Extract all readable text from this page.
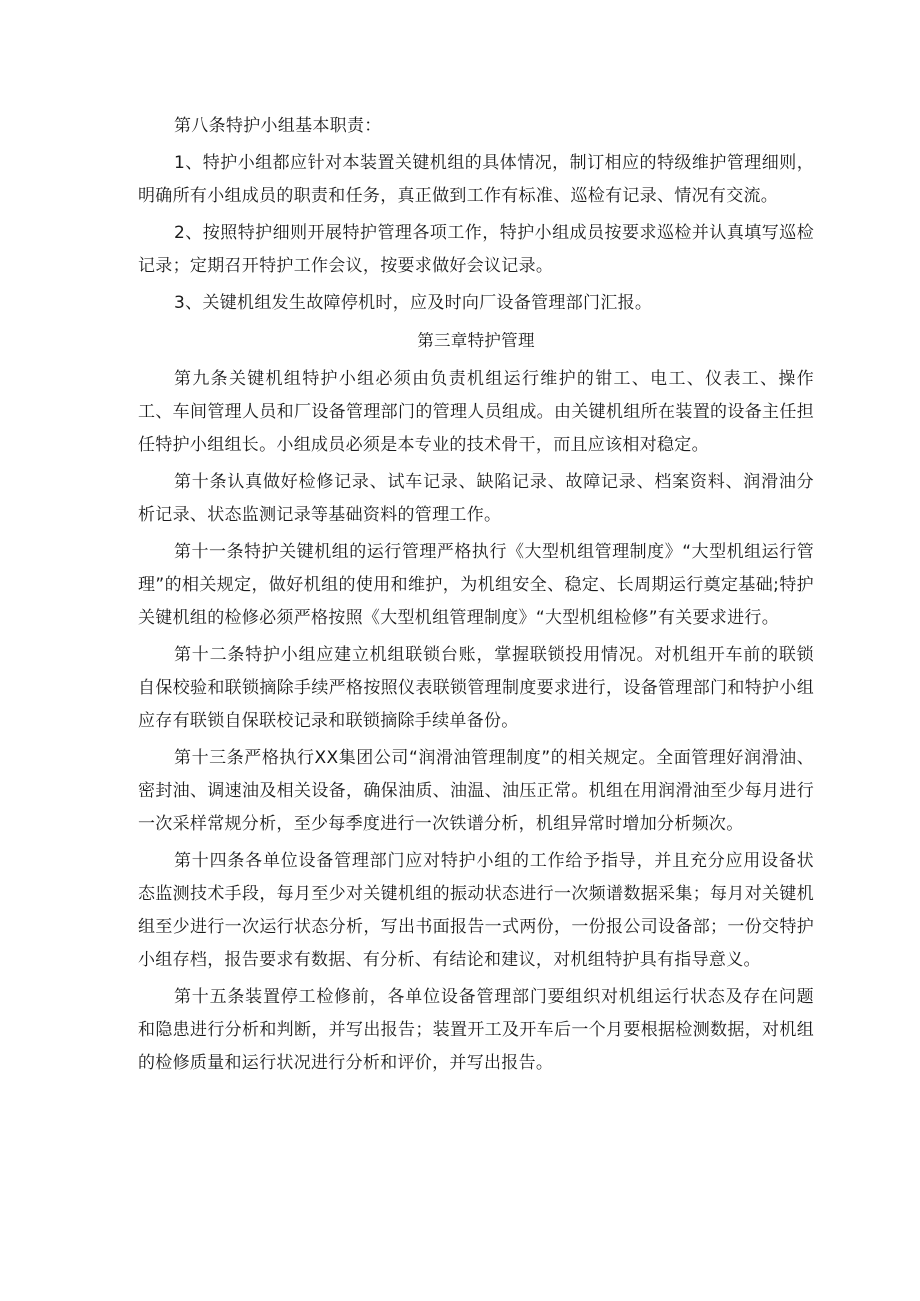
第八条特护小组基本职责：

1、特护小组都应针对本装置关键机组的具体情况，制订相应的特级维护管理细则，明确所有小组成员的职责和任务，真正做到工作有标准、巡检有记录、情况有交流。

2、按照特护细则开展特护管理各项工作，特护小组成员按要求巡检并认真填写巡检记录；定期召开特护工作会议，按要求做好会议记录。

3、关键机组发生故障停机时，应及时向厂设备管理部门汇报。

第三章特护管理

第九条关键机组特护小组必须由负责机组运行维护的钳工、电工、仪表工、操作工、车间管理人员和厂设备管理部门的管理人员组成。由关键机组所在装置的设备主任担任特护小组组长。小组成员必须是本专业的技术骨干，而且应该相对稳定。

第十条认真做好检修记录、试车记录、缺陷记录、故障记录、档案资料、润滑油分析记录、状态监测记录等基础资料的管理工作。

第十一条特护关键机组的运行管理严格执行《大型机组管理制度》“大型机组运行管理”的相关规定，做好机组的使用和维护，为机组安全、稳定、长周期运行奠定基础;特护关键机组的检修必须严格按照《大型机组管理制度》“大型机组检修”有关要求进行。

第十二条特护小组应建立机组联锁台账，掌握联锁投用情况。对机组开车前的联锁自保校验和联锁摘除手续严格按照仪表联锁管理制度要求进行，设备管理部门和特护小组应存有联锁自保联校记录和联锁摘除手续单备份。

第十三条严格执行XX集团公司“润滑油管理制度”的相关规定。全面管理好润滑油、密封油、调速油及相关设备，确保油质、油温、油压正常。机组在用润滑油至少每月进行一次采样常规分析，至少每季度进行一次铁谱分析，机组异常时增加分析频次。

第十四条各单位设备管理部门应对特护小组的工作给予指导，并且充分应用设备状态监测技术手段，每月至少对关键机组的振动状态进行一次频谱数据采集；每月对关键机组至少进行一次运行状态分析，写出书面报告一式两份，一份报公司设备部；一份交特护小组存档，报告要求有数据、有分析、有结论和建议，对机组特护具有指导意义。

第十五条装置停工检修前，各单位设备管理部门要组织对机组运行状态及存在问题和隐患进行分析和判断，并写出报告；装置开工及开车后一个月要根据检测数据，对机组的检修质量和运行状况进行分析和评价，并写出报告。
